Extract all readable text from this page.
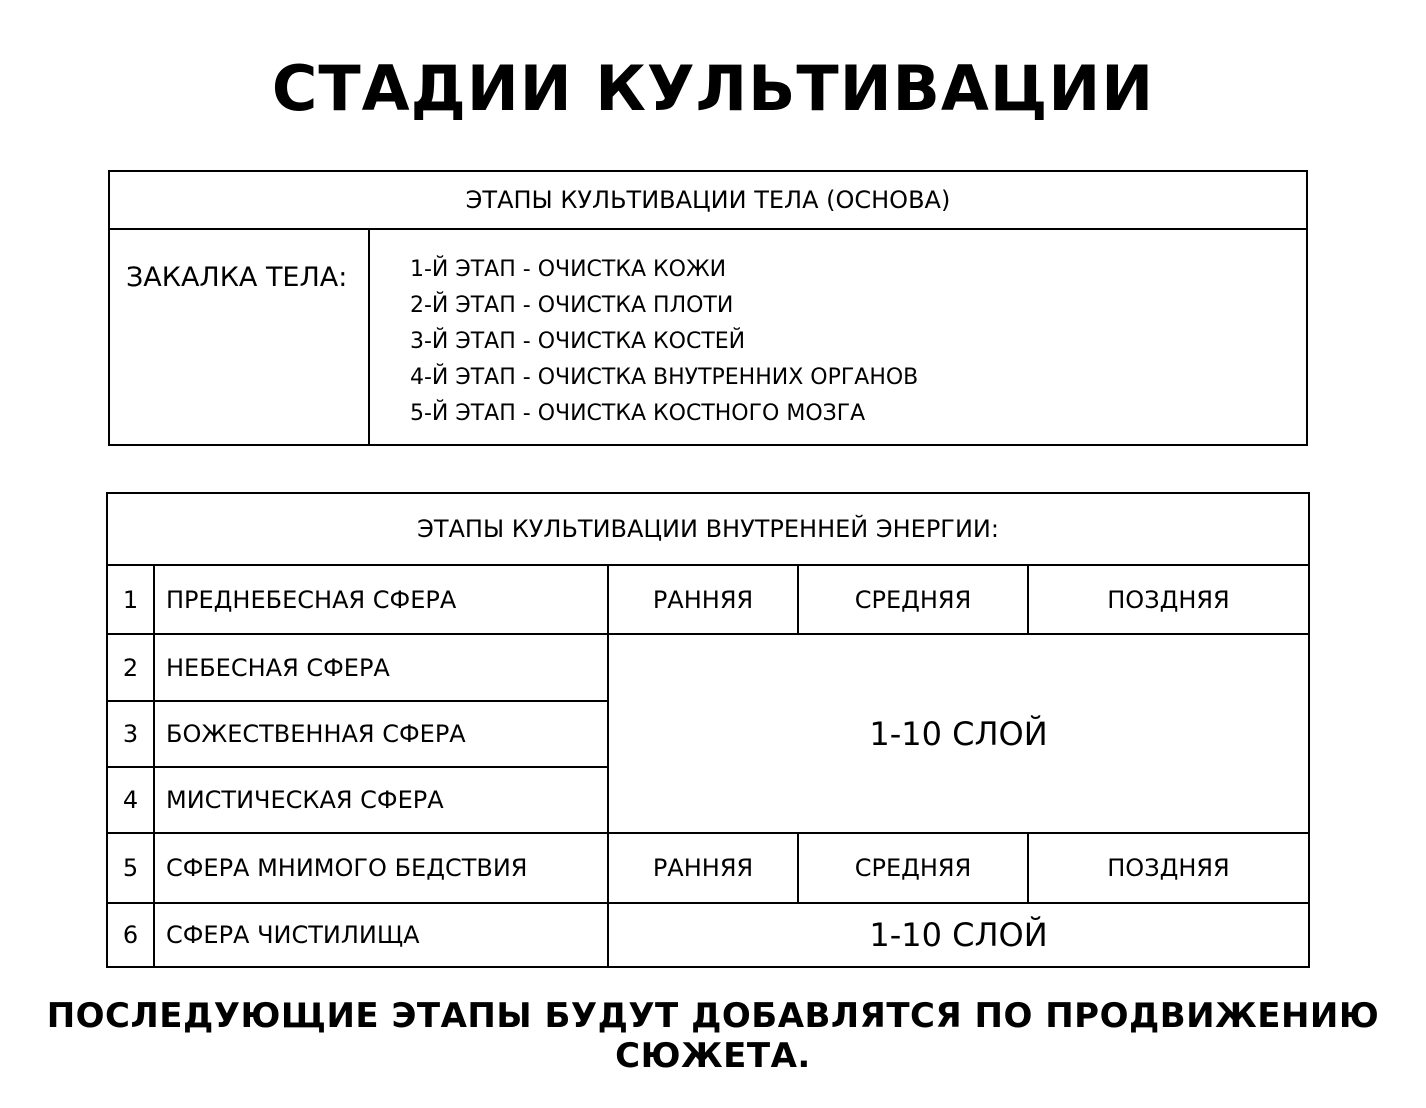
СТАДИИ КУЛЬТИВАЦИИ
ЭТАПЫ КУЛЬТИВАЦИИ ТЕЛА (ОСНОВА)
ЗАКАЛКА ТЕЛА:	1-Й ЭТАП - ОЧИСТКА КОЖИ
2-Й ЭТАП - ОЧИСТКА ПЛОТИ
3-Й ЭТАП - ОЧИСТКА КОСТЕЙ
4-Й ЭТАП - ОЧИСТКА ВНУТРЕННИХ ОРГАНОВ
5-Й ЭТАП - ОЧИСТКА КОСТНОГО МОЗГА
ЭТАПЫ КУЛЬТИВАЦИИ ВНУТРЕННЕЙ ЭНЕРГИИ:
1	ПРЕДНЕБЕСНАЯ СФЕРА	РАННЯЯ	СРЕДНЯЯ	ПОЗДНЯЯ
2	НЕБЕСНАЯ СФЕРА
3	БОЖЕСТВЕННАЯ СФЕРА
4	МИСТИЧЕСКАЯ СФЕРА
1-10 СЛОЙ
5	СФЕРА МНИМОГО БЕДСТВИЯ	РАННЯЯ	СРЕДНЯЯ	ПОЗДНЯЯ
6	СФЕРА ЧИСТИЛИЩА	1-10 СЛОЙ
ПОСЛЕДУЮЩИЕ ЭТАПЫ БУДУТ ДОБАВЛЯТСЯ ПО ПРОДВИЖЕНИЮ СЮЖЕТА.
